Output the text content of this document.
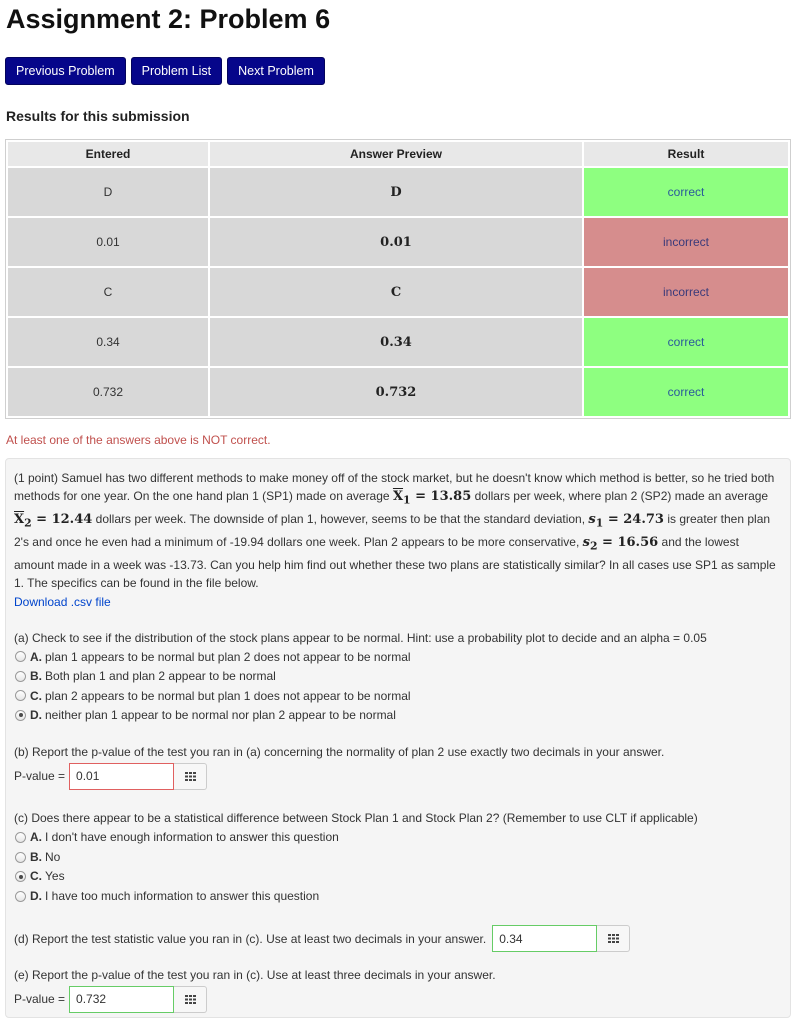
Assignment 2: Problem 6
Previous Problem	Problem List	Next Problem
Results for this submission
Entered	Answer Preview	Result
D	D	correct
0.01	0.01	incorrect
C	C	incorrect
0.34	0.34	correct
0.732	0.732	correct
At least one of the answers above is NOT correct.
(1 point) Samuel has two different methods to make money off of the stock market, but he doesn't know which method is better, so he tried both methods for one year. On the one hand plan 1 (SP1) made on average $\overline{X}_1 = 13.85$ dollars per week, where plan 2 (SP2) made an average $\overline{X}_2 = 12.44$ dollars per week. The downside of plan 1, however, seems to be that the standard deviation, $s_1 = 24.73$ is greater then plan 2's and once he even had a minimum of -19.94 dollars one week. Plan 2 appears to be more conservative, $s_2 = 16.56$ and the lowest amount made in a week was -13.73. Can you help him find out whether these two plans are statistically similar? In all cases use SP1 as sample 1. The specifics can be found in the file below.
Download .csv file
(a) Check to see if the distribution of the stock plans appear to be normal. Hint: use a probability plot to decide and an alpha = 0.05
A. plan 1 appears to be normal but plan 2 does not appear to be normal
B. Both plan 1 and plan 2 appear to be normal
C. plan 2 appears to be normal but plan 1 does not appear to be normal
D. neither plan 1 appear to be normal nor plan 2 appear to be normal
(b) Report the p-value of the test you ran in (a) concerning the normality of plan 2 use exactly two decimals in your answer.
P-value = 0.01
(c) Does there appear to be a statistical difference between Stock Plan 1 and Stock Plan 2? (Remember to use CLT if applicable)
A. I don't have enough information to answer this question
B. No
C. Yes
D. I have too much information to answer this question
(d) Report the test statistic value you ran in (c). Use at least two decimals in your answer.	0.34
(e) Report the p-value of the test you ran in (c). Use at least three decimals in your answer.
P-value = 0.732
